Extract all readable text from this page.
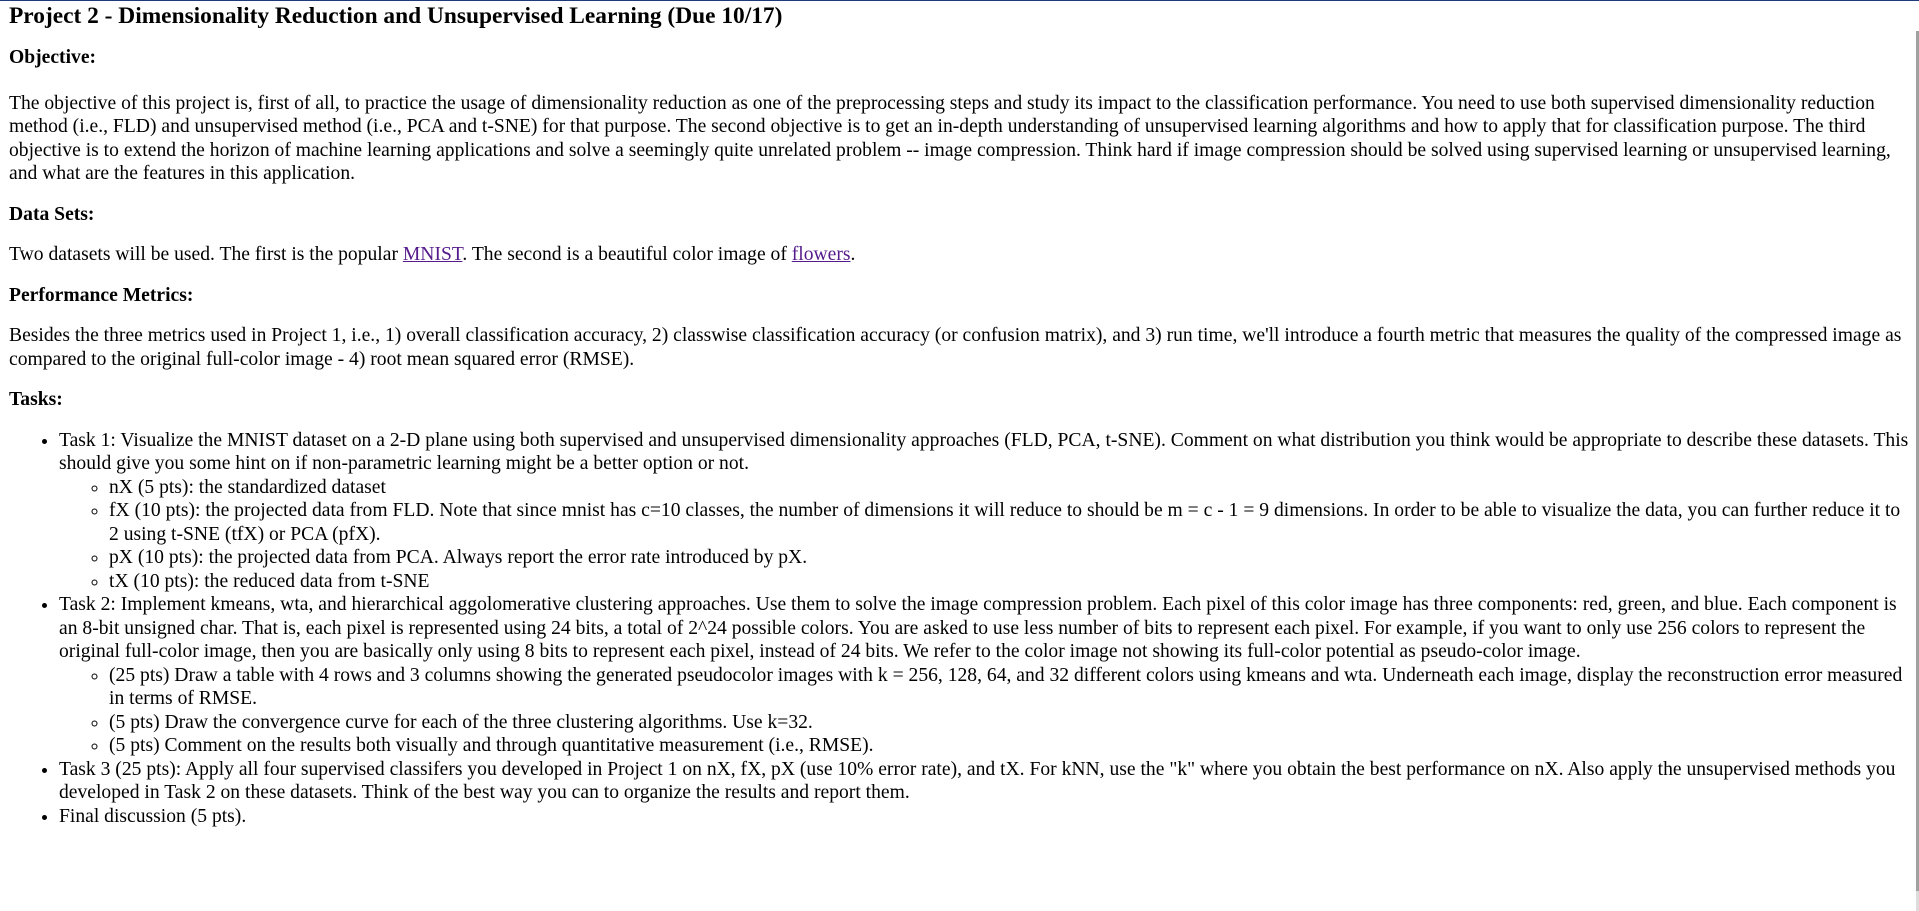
Project 2 - Dimensionality Reduction and Unsupervised Learning (Due 10/17)

Objective:

The objective of this project is, first of all, to practice the usage of dimensionality reduction as one of the preprocessing steps and study its impact to the classification performance. You need to use both supervised dimensionality reduction method (i.e., FLD) and unsupervised method (i.e., PCA and t-SNE) for that purpose. The second objective is to get an in-depth understanding of unsupervised learning algorithms and how to apply that for classification purpose. The third objective is to extend the horizon of machine learning applications and solve a seemingly quite unrelated problem -- image compression. Think hard if image compression should be solved using supervised learning or unsupervised learning, and what are the features in this application.

Data Sets:

Two datasets will be used. The first is the popular MNIST. The second is a beautiful color image of flowers.

Performance Metrics:

Besides the three metrics used in Project 1, i.e., 1) overall classification accuracy, 2) classwise classification accuracy (or confusion matrix), and 3) run time, we'll introduce a fourth metric that measures the quality of the compressed image as compared to the original full-color image - 4) root mean squared error (RMSE).

Tasks:

• Task 1: Visualize the MNIST dataset on a 2-D plane using both supervised and unsupervised dimensionality approaches (FLD, PCA, t-SNE). Comment on what distribution you think would be appropriate to describe these datasets. This should give you some hint on if non-parametric learning might be a better option or not.
◦ nX (5 pts): the standardized dataset
◦ fX (10 pts): the projected data from FLD. Note that since mnist has c=10 classes, the number of dimensions it will reduce to should be m = c - 1 = 9 dimensions. In order to be able to visualize the data, you can further reduce it to 2 using t-SNE (tfX) or PCA (pfX).
◦ pX (10 pts): the projected data from PCA. Always report the error rate introduced by pX.
◦ tX (10 pts): the reduced data from t-SNE
• Task 2: Implement kmeans, wta, and hierarchical aggolomerative clustering approaches. Use them to solve the image compression problem. Each pixel of this color image has three components: red, green, and blue. Each component is an 8-bit unsigned char. That is, each pixel is represented using 24 bits, a total of 2^24 possible colors. You are asked to use less number of bits to represent each pixel. For example, if you want to only use 256 colors to represent the original full-color image, then you are basically only using 8 bits to represent each pixel, instead of 24 bits. We refer to the color image not showing its full-color potential as pseudo-color image.
◦ (25 pts) Draw a table with 4 rows and 3 columns showing the generated pseudocolor images with k = 256, 128, 64, and 32 different colors using kmeans and wta. Underneath each image, display the reconstruction error measured in terms of RMSE.
◦ (5 pts) Draw the convergence curve for each of the three clustering algorithms. Use k=32.
◦ (5 pts) Comment on the results both visually and through quantitative measurement (i.e., RMSE).
• Task 3 (25 pts): Apply all four supervised classifers you developed in Project 1 on nX, fX, pX (use 10% error rate), and tX. For kNN, use the "k" where you obtain the best performance on nX. Also apply the unsupervised methods you developed in Task 2 on these datasets. Think of the best way you can to organize the results and report them.
• Final discussion (5 pts).
